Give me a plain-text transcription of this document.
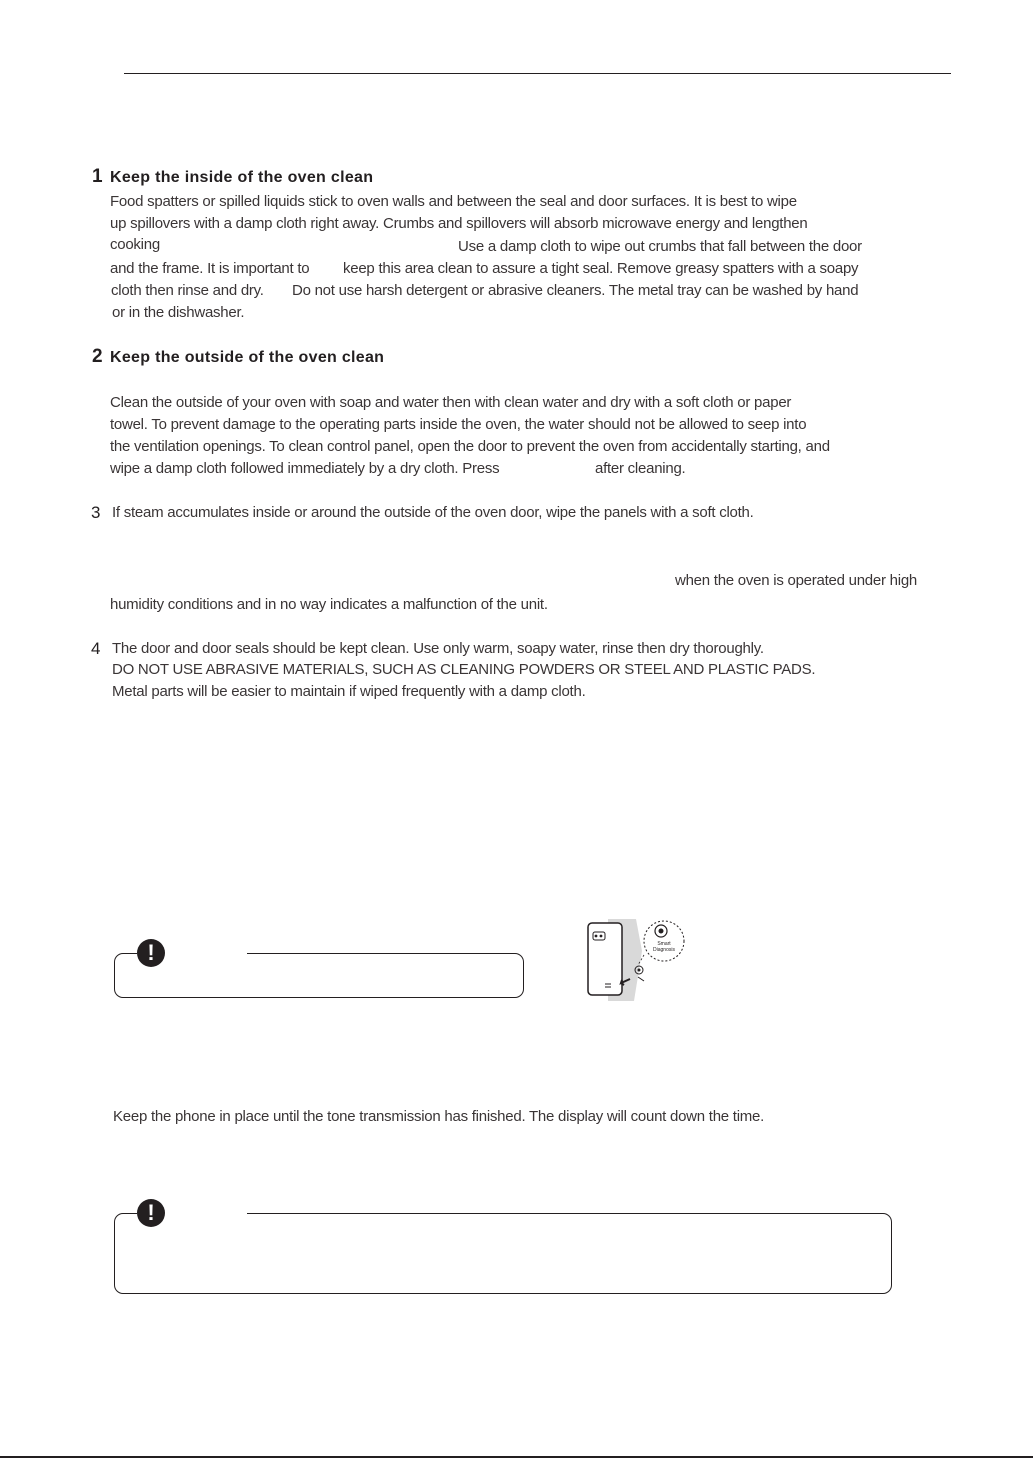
1 Keep the inside of the oven clean
Food spatters or spilled liquids stick to oven walls and between the seal and door surfaces. It is best to wipe
up spillovers with a damp cloth right away. Crumbs and spillovers will absorb microwave energy and lengthen
cooking	Use a damp cloth to wipe out crumbs that fall between the door
and the frame. It is important to keep this area clean to assure a tight seal. Remove greasy spatters with a soapy
cloth then rinse and dry. Do not use harsh detergent or abrasive cleaners. The metal tray can be washed by hand
or in the dishwasher.
2 Keep the outside of the oven clean
Clean the outside of your oven with soap and water then with clean water and dry with a soft cloth or paper
towel. To prevent damage to the operating parts inside the oven, the water should not be allowed to seep into
the ventilation openings. To clean control panel, open the door to prevent the oven from accidentally starting, and
wipe a damp cloth followed immediately by a dry cloth. Press	after cleaning.
3 If steam accumulates inside or around the outside of the oven door, wipe the panels with a soft cloth.
when the oven is operated under high
humidity conditions and in no way indicates a malfunction of the unit.
4 The door and door seals should be kept clean. Use only warm, soapy water, rinse then dry thoroughly.
DO NOT USE ABRASIVE MATERIALS, SUCH AS CLEANING POWDERS OR STEEL AND PLASTIC PADS.
Metal parts will be easier to maintain if wiped frequently with a damp cloth.
!	Smart
Diagnosis
Keep the phone in place until the tone transmission has finished. The display will count down the time.
!
